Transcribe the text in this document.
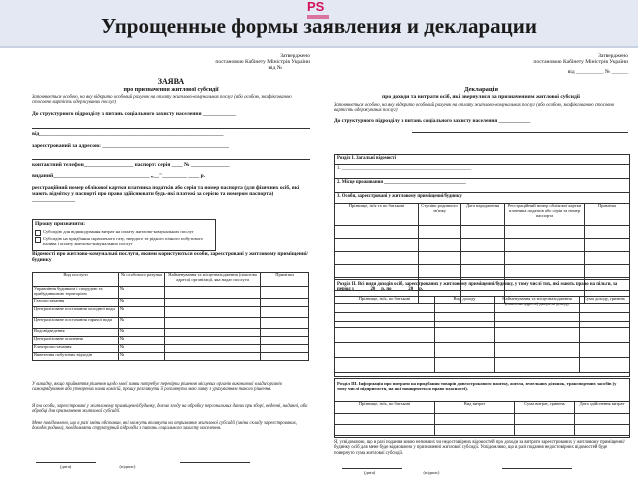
PS
Упрощенные формы заявления и декларации
Затверджено
постановою Кабінету Міністрів України
від №
ЗАЯВА
про призначення житлової субсидії
Заповнюється особою, на яку відкрито особовий рахунок на оплату житлово-комунальних послуг (або особою, зкафіксованою стосовно вартість одержуваних послуг)
До структурного підрозділу з питань соціального захисту населення ____________
від___________________________________________________________________
зареєстрований за адресою: ______________________________________________
контактний телефон__________________ паспорт: серія ____ № ______________
виданий___________________________________ ,,__"_________ ____ р.
реєстраційний номер облікової картки платника податків або серія та номер паспорта (для фізичних осіб, які мають відмітку у паспорті про право здійснювати будь-які платежі за серією та номером паспорта) ________________
Прошу призначити:
Субсидію для відшкодування витрат на оплату житлово-комунальних послуг
Субсидію на придбання скрапленого газу, твердого та рідкого пічного побутового палива і оплату житлово-комунальних послуг
Відомості про житлово-комунальні послуги, якими користуються особи, зареєстровані у житловому приміщенні/будинку
Вид послуги	№ особового рахунка	Найменування та місцезнаходження (поштова адреса) організації, яка надає послуги	Примітки
Управління будинком і спорудою та прибудинковою територією	№		
Газопостачання	№		
Централізоване постачання холодної води	№		
Централізоване постачання гарячої води	№		
Водовідведення	№		
Централізоване опалення	№		
Електропостачання	№		
Вивезення побутових відходів	№		
У випадку, якщо прийняття рішення щодо моєї заяви потребує перевірки рішення місцевих органів виконавчої влади/органів самоврядування або утворених ними комісій, прошу розглянути її розглянути мою заяву з урахуванням такого рішення.
Я та особи, зареєстровані у житловому приміщенні/будинку, даємо згоду на обробку персональних даних при зборі, веденні, наданні, або обробці для призначення житлової субсидії.
Мене повідомлено, що в разі зміни обставин, які можуть вплинути на отримання житлової субсидії (зміна складу зареєстрованих, доходів родини), повідомляти структурний підрозділ з питань соціального захисту населення.
(дата)                                           (підпис)
Затверджено
постановою Кабінету Міністрів України
від __________ № ______
Декларація
про доходи та витрати осіб, які звернулися за призначенням житлової субсидії
Заповнюється особою, на яку відкрито особовий рахунок на оплату житлово-комунальних послуг (або особою, зкафіксованою стосовно вартість одержуваних послуг)
До структурного підрозділу з питань соціального захисту населення ____________
Розділ І. Загальні відомості
1. ______________________________________________________
2. Місце проживання __________________________________
3. Особи, зареєстровані у житловому приміщенні/будинку
Прізвище, ім'я та по батькові	Ступінь родинного зв'язку	Дата народження	Реєстраційний номер облікової картки платника податків або серія та номер паспорта	Примітка

Розділ ІІ. Всі види доходів осіб, зареєстрованих у житловому приміщенні/будинку, у тому числі тих, які мають право на пільги, за період з ______ 20__ р. по ______ 20__ р.
Прізвище, ім'я, по батькові	Вид доходу	Найменування та місцезнаходження (поштова адреса) джерела доходу	Сума доходу, гривень

Розділ ІІІ. Інформація про витрати на придбання товарів довгострокового вжитку, житла, земельних ділянок, транспортних засобів (у тому числі підприємств, на які поширюється право власності).
Прізвище, ім'я, по батькові	Вид витрат	Сума витрат, гривень	Дата здійснення витрат

Я, усвідомлюю, що в разі подання мною неповних чи недостовірних відомостей про доходи за витрати зареєстрованих у житловому приміщенні/будинку осіб для мене буде відмовлено у призначенні житлової субсидії. Усвідомлюю, що в разі подання недостовірних відомостей буде повернуто сума житлової субсидії.
(дата)                                           (підпис)
